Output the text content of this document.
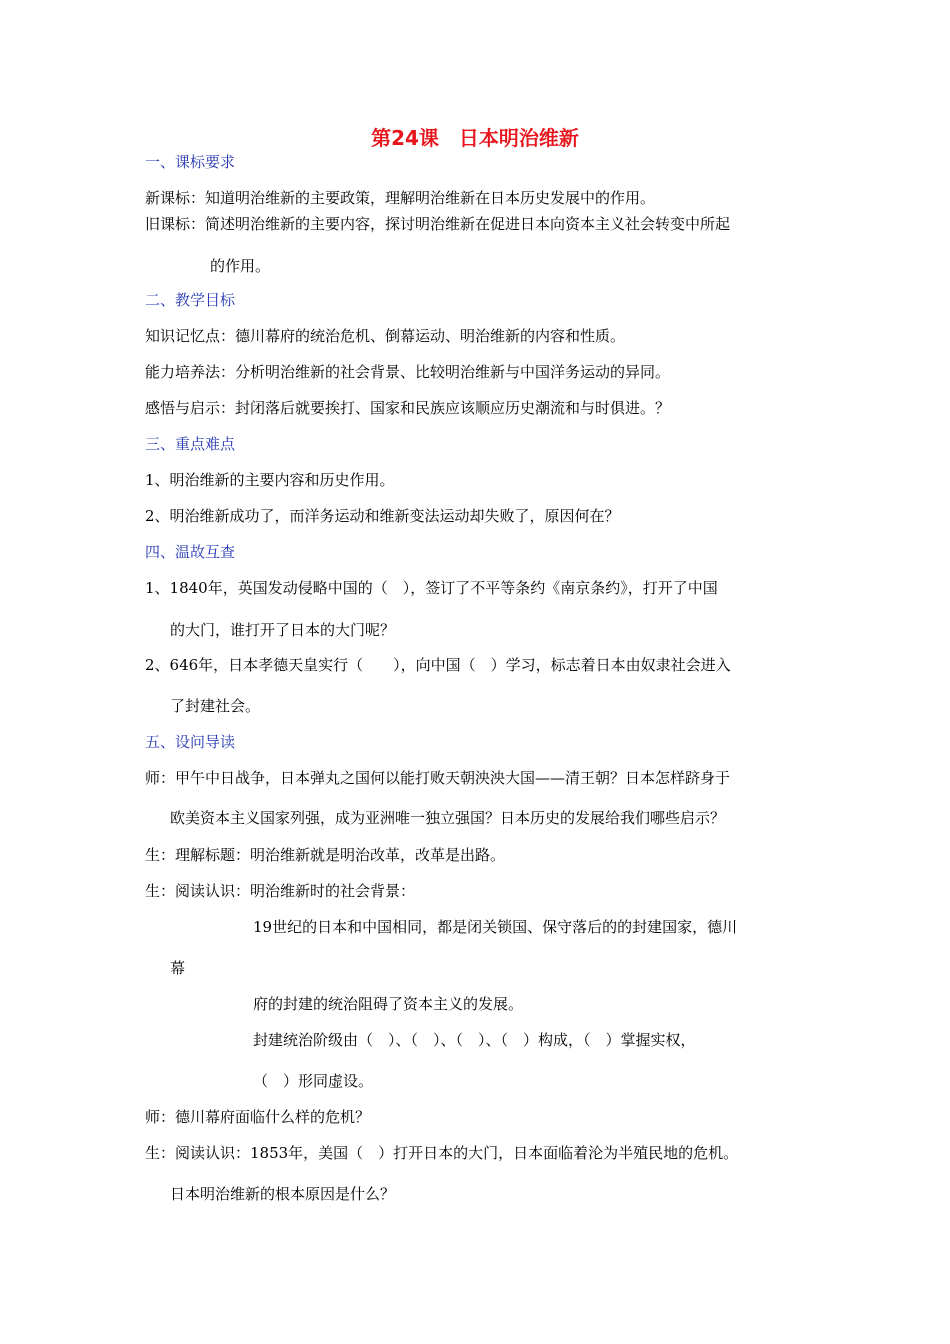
第24课　日本明治维新
一、课标要求
新课标：知道明治维新的主要政策，理解明治维新在日本历史发展中的作用。
旧课标：简述明治维新的主要内容，探讨明治维新在促进日本向资本主义社会转变中所起
的作用。
二、教学目标
知识记忆点：德川幕府的统治危机、倒幕运动、明治维新的内容和性质。
能力培养法：分析明治维新的社会背景、比较明治维新与中国洋务运动的异同。
感悟与启示：封闭落后就要挨打、国家和民族应该顺应历史潮流和与时俱进。？
三、重点难点
1、明治维新的主要内容和历史作用。
2、明治维新成功了，而洋务运动和维新变法运动却失败了，原因何在？
四、温故互查
1、1840年，英国发动侵略中国的（　），签订了不平等条约《南京条约》，打开了中国
的大门，谁打开了日本的大门呢？
2、646年，日本孝德天皇实行（　　），向中国（　）学习，标志着日本由奴隶社会进入
了封建社会。
五、设问导读
师：甲午中日战争，日本弹丸之国何以能打败天朝泱泱大国——清王朝？日本怎样跻身于
欧美资本主义国家列强，成为亚洲唯一独立强国？日本历史的发展给我们哪些启示？
生：理解标题：明治维新就是明治改革，改革是出路。
生：阅读认识：明治维新时的社会背景：
19世纪的日本和中国相同，都是闭关锁国、保守落后的的封建国家，德川
幕
府的封建的统治阻碍了资本主义的发展。
封建统治阶级由（　）、（　）、（　）、（　）构成，（　）掌握实权，
（　）形同虚设。
师：德川幕府面临什么样的危机？
生：阅读认识：1853年，美国（　）打开日本的大门，日本面临着沦为半殖民地的危机。
日本明治维新的根本原因是什么？
